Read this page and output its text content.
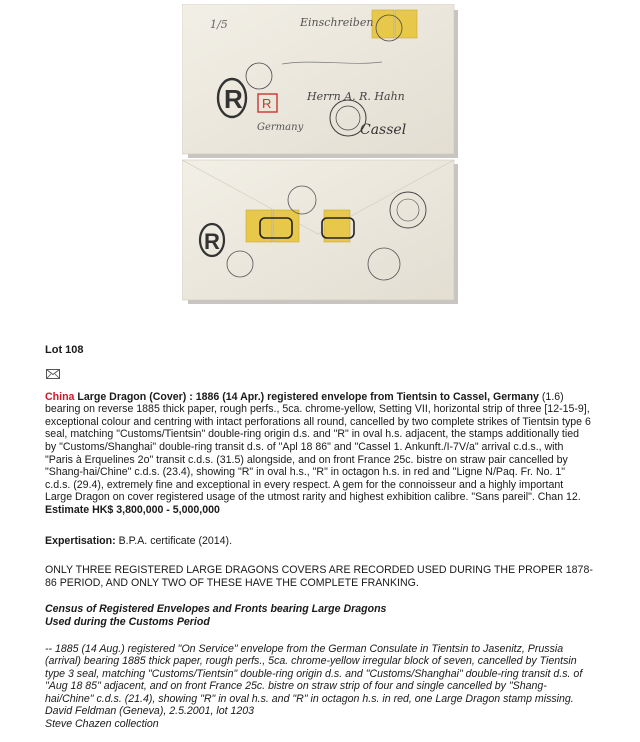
R R
Einschreiben
Herrn A. R. Hahn
Germany	Cassel
1/5
R
Lot 108

China Large Dragon (Cover) : 1886 (14 Apr.) registered envelope from Tientsin to Cassel, Germany (1.6) bearing on reverse 1885 thick paper, rough perfs., 5ca. chrome-yellow, Setting VII, horizontal strip of three [12-15-9], exceptional colour and centring with intact perforations all round, cancelled by two complete strikes of Tientsin type 6 seal, matching "Customs/Tientsin" double-ring origin d.s. and "R" in oval h.s. adjacent, the stamps additionally tied by "Customs/Shanghai" double-ring transit d.s. of "Apl 18 86" and "Cassel 1. Ankunft./I-7V/a" arrival c.d.s., with "Paris à Erquelines 2o" transit c.d.s. (31.5) alongside, and on front France 25c. bistre on straw pair cancelled by "Shang-hai/Chine" c.d.s. (23.4), showing "R" in oval h.s., "R" in octagon h.s. in red and "Ligne N/Paq. Fr. No. 1" c.d.s. (29.4), extremely fine and exceptional in every respect. A gem for the connoisseur and a highly important Large Dragon on cover registered usage of the utmost rarity and highest exhibition calibre. "Sans pareil". Chan 12.

Estimate HK$ 3,800,000 - 5,000,000

Expertisation: B.P.A. certificate (2014).

ONLY THREE REGISTERED LARGE DRAGONS COVERS ARE RECORDED USED DURING THE PROPER 1878-86 PERIOD, AND ONLY TWO OF THESE HAVE THE COMPLETE FRANKING.

Census of Registered Envelopes and Fronts bearing Large Dragons
Used during the Customs Period
-- 1885 (14 Aug.) registered "On Service" envelope from the German Consulate in Tientsin to Jasenitz, Prussia (arrival) bearing 1885 thick paper, rough perfs., 5ca. chrome-yellow irregular block of seven, cancelled by Tientsin type 3 seal, matching "Customs/Tientsin" double-ring origin d.s. and "Customs/Shanghai" double-ring transit d.s. of "Aug 18 85" adjacent, and on front France 25c. bistre on straw strip of four and single cancelled by "Shang-hai/Chine" c.d.s. (21.4), showing "R" in oval h.s. and "R" in octagon h.s. in red, one Large Dragon stamp missing.
David Feldman (Geneva), 2.5.2001, lot 1203
Steve Chazen collection
